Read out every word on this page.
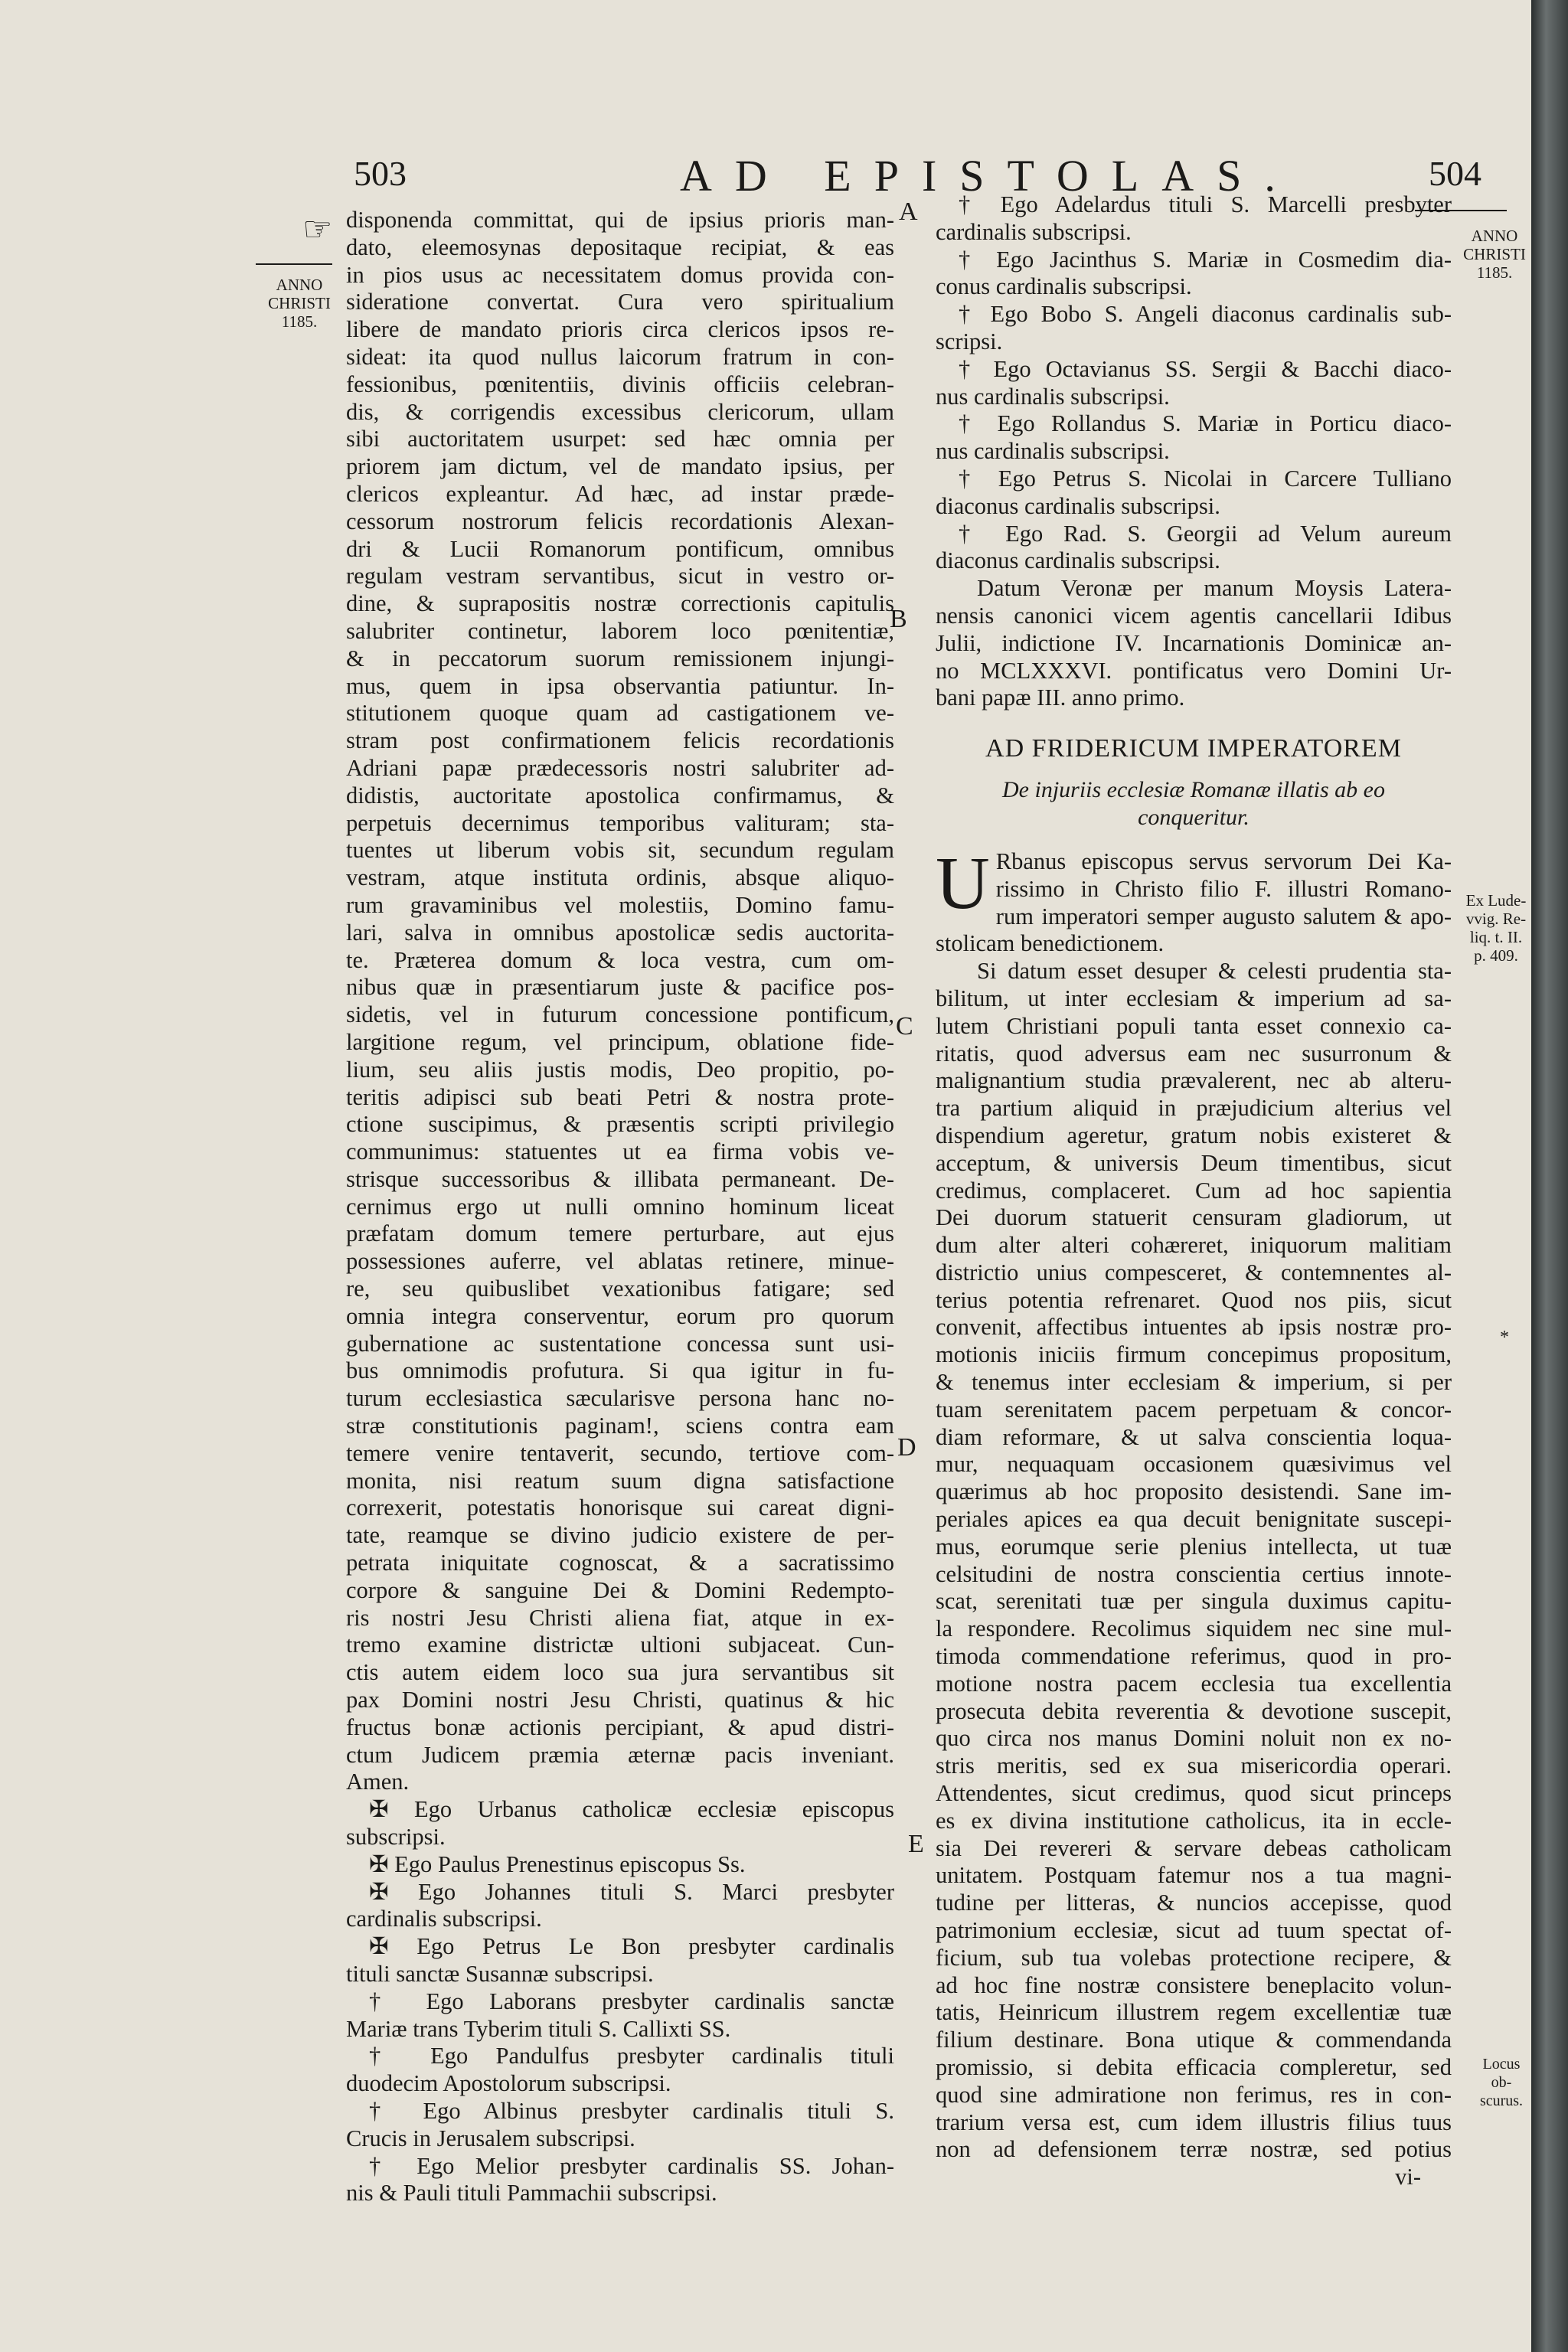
503	AD EPISTOLAS.	504
☞
ANNO
CHRISTI
1185.
ANNO
CHRISTI
1185.
Ex Lude-
vvig. Re-
liq. t. II.
p. 409.
Locus ob-
scurus.
*
A
B
C
D
E

disponenda committat, qui de ipsius prioris man-

dato, eleemosynas depositaque recipiat, & eas

in pios usus ac necessitatem domus provida con-

sideratione convertat. Cura vero spiritualium

libere de mandato prioris circa clericos ipsos re-

sideat: ita quod nullus laicorum fratrum in con-

fessionibus, pœnitentiis, divinis officiis celebran-

dis, & corrigendis excessibus clericorum, ullam

sibi auctoritatem usurpet: sed hæc omnia per

priorem jam dictum, vel de mandato ipsius, per

clericos expleantur. Ad hæc, ad instar præde-

cessorum nostrorum felicis recordationis Alexan-

dri & Lucii Romanorum pontificum, omnibus

regulam vestram servantibus, sicut in vestro or-

dine, & suprapositis nostræ correctionis capitulis

salubriter continetur, laborem loco pœnitentiæ,

& in peccatorum suorum remissionem injungi-

mus, quem in ipsa observantia patiuntur. In-

stitutionem quoque quam ad castigationem ve-

stram post confirmationem felicis recordationis

Adriani papæ prædecessoris nostri salubriter ad-

didistis, auctoritate apostolica confirmamus, &

perpetuis decernimus temporibus valituram; sta-

tuentes ut liberum vobis sit, secundum regulam

vestram, atque instituta ordinis, absque aliquo-

rum gravaminibus vel molestiis, Domino famu-

lari, salva in omnibus apostolicæ sedis auctorita-

te. Præterea domum & loca vestra, cum om-

nibus quæ in præsentiarum juste & pacifice pos-

sidetis, vel in futurum concessione pontificum,

largitione regum, vel principum, oblatione fide-

lium, seu aliis justis modis, Deo propitio, po-

teritis adipisci sub beati Petri & nostra prote-

ctione suscipimus, & præsentis scripti privilegio

communimus: statuentes ut ea firma vobis ve-

strisque successoribus & illibata permaneant. De-

cernimus ergo ut nulli omnino hominum liceat

præfatam domum temere perturbare, aut ejus

possessiones auferre, vel ablatas retinere, minue-

re, seu quibuslibet vexationibus fatigare; sed

omnia integra conserventur, eorum pro quorum

gubernatione ac sustentatione concessa sunt usi-

bus omnimodis profutura. Si qua igitur in fu-

turum ecclesiastica sæcularisve persona hanc no-

stræ constitutionis paginam!, sciens contra eam

temere venire tentaverit, secundo, tertiove com-

monita, nisi reatum suum digna satisfactione

correxerit, potestatis honorisque sui careat digni-

tate, reamque se divino judicio existere de per-

petrata iniquitate cognoscat, & a sacratissimo

corpore & sanguine Dei & Domini Redempto-

ris nostri Jesu Christi aliena fiat, atque in ex-

tremo examine districtæ ultioni subjaceat. Cun-

ctis autem eidem loco sua jura servantibus sit

pax Domini nostri Jesu Christi, quatinus & hic

fructus bonæ actionis percipiant, & apud distri-

ctum Judicem præmia æternæ pacis inveniant.

Amen.

✠ Ego Urbanus catholicæ ecclesiæ episcopus

subscripsi.

✠ Ego Paulus Prenestinus episcopus Ss.

✠ Ego Johannes tituli S. Marci presbyter

cardinalis subscripsi.

✠ Ego Petrus Le Bon presbyter cardinalis

tituli sanctæ Susannæ subscripsi.

† Ego Laborans presbyter cardinalis sanctæ

Mariæ trans Tyberim tituli S. Callixti SS.

† Ego Pandulfus presbyter cardinalis tituli

duodecim Apostolorum subscripsi.

† Ego Albinus presbyter cardinalis tituli S.

Crucis in Jerusalem subscripsi.

† Ego Melior presbyter cardinalis SS. Johan-

nis & Pauli tituli Pammachii subscripsi.

† Ego Adelardus tituli S. Marcelli presbyter

cardinalis subscripsi.

† Ego Jacinthus S. Mariæ in Cosmedim dia-

conus cardinalis subscripsi.

† Ego Bobo S. Angeli diaconus cardinalis sub-

scripsi.

† Ego Octavianus SS. Sergii & Bacchi diaco-

nus cardinalis subscripsi.

† Ego Rollandus S. Mariæ in Porticu diaco-

nus cardinalis subscripsi.

† Ego Petrus S. Nicolai in Carcere Tulliano

diaconus cardinalis subscripsi.

† Ego Rad. S. Georgii ad Velum aureum

diaconus cardinalis subscripsi.

Datum Veronæ per manum Moysis Latera-

nensis canonici vicem agentis cancellarii Idibus

Julii, indictione IV. Incarnationis Dominicæ an-

no MCLXXXVI. pontificatus vero Domini Ur-

bani papæ III. anno primo.

AD FRIDERICUM IMPERATOREM
De injuriis ecclesiæ Romanæ illatis ab eo
conqueritur.
U Rbanus episcopus servus servorum Dei Ka-

rissimo in Christo filio F. illustri Romano-

rum imperatori semper augusto salutem & apo-

stolicam benedictionem.

Si datum esset desuper & celesti prudentia sta-

bilitum, ut inter ecclesiam & imperium ad sa-

lutem Christiani populi tanta esset connexio ca-

ritatis, quod adversus eam nec susurronum &

malignantium studia prævalerent, nec ab alteru-

tra partium aliquid in præjudicium alterius vel

dispendium ageretur, gratum nobis existeret &

acceptum, & universis Deum timentibus, sicut

credimus, complaceret. Cum ad hoc sapientia

Dei duorum statuerit censuram gladiorum, ut

dum alter alteri cohæreret, iniquorum malitiam

districtio unius compesceret, & contemnentes al-

terius potentia refrenaret. Quod nos piis, sicut

convenit, affectibus intuentes ab ipsis nostræ pro-

motionis iniciis firmum concepimus propositum,

& tenemus inter ecclesiam & imperium, si per

tuam serenitatem pacem perpetuam & concor-

diam reformare, & ut salva conscientia loqua-

mur, nequaquam occasionem quæsivimus vel

quærimus ab hoc proposito desistendi. Sane im-

periales apices ea qua decuit benignitate suscepi-

mus, eorumque serie plenius intellecta, ut tuæ

celsitudini de nostra conscientia certius innote-

scat, serenitati tuæ per singula duximus capitu-

la respondere. Recolimus siquidem nec sine mul-

timoda commendatione referimus, quod in pro-

motione nostra pacem ecclesia tua excellentia

prosecuta debita reverentia & devotione suscepit,

quo circa nos manus Domini noluit non ex no-

stris meritis, sed ex sua misericordia operari.

Attendentes, sicut credimus, quod sicut princeps

es ex divina institutione catholicus, ita in eccle-

sia Dei revereri & servare debeas catholicam

unitatem. Postquam fatemur nos a tua magni-

tudine per litteras, & nuncios accepisse, quod

patrimonium ecclesiæ, sicut ad tuum spectat of-

ficium, sub tua volebas protectione recipere, &

ad hoc fine nostræ consistere beneplacito volun-

tatis, Heinricum illustrem regem excellentiæ tuæ

filium destinare. Bona utique & commendanda

promissio, si debita efficacia compleretur, sed

quod sine admiratione non ferimus, res in con-

trarium versa est, cum idem illustris filius tuus

non ad defensionem terræ nostræ, sed potius

vi-
